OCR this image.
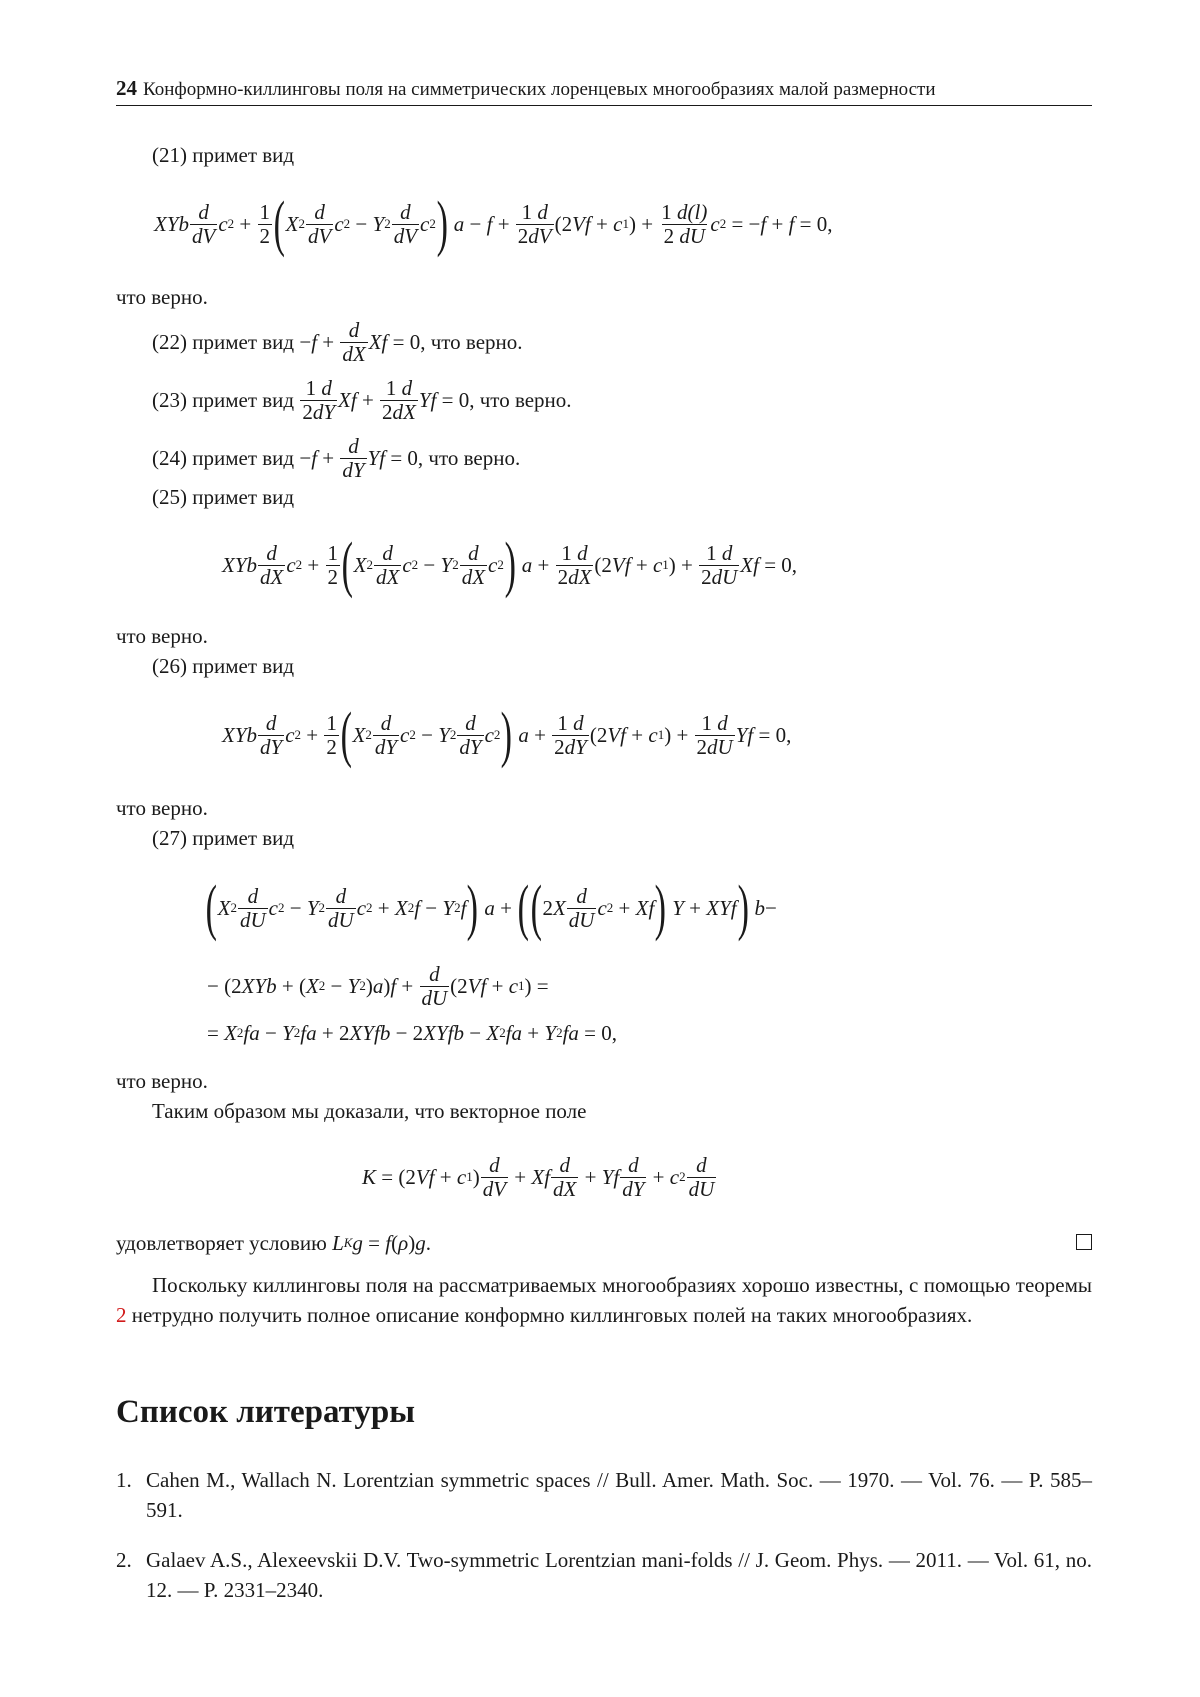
24 Конформно-киллинговы поля на симметрических лоренцевых многообразиях малой размерности
(21) примет вид
XYb $\frac{d}{dV}$ c $2 + \frac{1}{2}$ ( X $2 \frac{d}{dV}$ c 2 − Y $2 \frac{d}{dV}$ c 2 )
$a - f + \frac{1 d}{2dV} (2$ Vf + c 1 ) + $\frac{1 d(l)}{2 dU}$ c 2 = − f + f = 0,
что верно.
(22) примет вид − $f + \frac{d}{dX}$ Xf = 0 , что верно.
(23) примет вид
$\frac{1 d}{2dY}$ $Xf + \frac{1 d}{2dX}$ Yf = 0 , что верно.
(24) примет вид − $f + \frac{d}{dY}$ Yf = 0 , что верно.
(25) примет вид
XYb $\frac{d}{dX}$ c $2 + \frac{1}{2}$ ( X $2 \frac{d}{dX}$ c 2 − Y $2 \frac{d}{dX}$ c 2 )
$a + \frac{1 d}{2dX} (2$ Vf + c 1 ) + $\frac{1 d}{2dU}$ Xf = 0,
что верно.
(26) примет вид
XYb $\frac{d}{dY}$ c $2 + \frac{1}{2}$ ( X $2 \frac{d}{dY}$ c 2 − Y $2 \frac{d}{dY}$ c 2 )
$a + \frac{1 d}{2dY} (2$ Vf + c 1 ) + $\frac{1 d}{2dU}$ Yf = 0,
что верно.
(27) примет вид
( X $2 \frac{d}{dU}$ c 2 − Y $2 \frac{d}{dU}$ c 2 + X 2 f − Y 2 f )
a + ( ( 2 X $\frac{d}{dU}$ c 2 + Xf )
Y + XYf )
b −
− (2 XYb + ( X 2 − Y 2 ) a ) $f + \frac{d}{dU} (2$ Vf + c 1 ) =
= X 2 fa − Y 2 fa + 2 XYfb − 2 XYfb − X 2 fa + Y 2 fa = 0,
что верно.
Таким образом мы доказали, что векторное поле
K = (2 Vf + c 1 ) $\frac{d}{dV} + Xf \frac{d}{dX} + Yf \frac{d}{dY} + c$ $2 \frac{d}{dU}$
удовлетворяет условию
L K g = f ( ρ ) g .
Поскольку киллинговы поля на рассматриваемых многообразиях хорошо известны, с помощью теоремы 2 нетрудно получить полное описание конформно киллинговых полей на таких многообразиях.
Список литературы
1. Cahen M., Wallach N. Lorentzian symmetric spaces // Bull. Amer. Math. Soc. — 1970. — Vol. 76. — P. 585–591.
2. Galaev A.S., Alexeevskii D.V. Two-symmetric Lorentzian mani-folds // J. Geom. Phys. — 2011. — Vol. 61, no. 12. — P. 2331–2340.
